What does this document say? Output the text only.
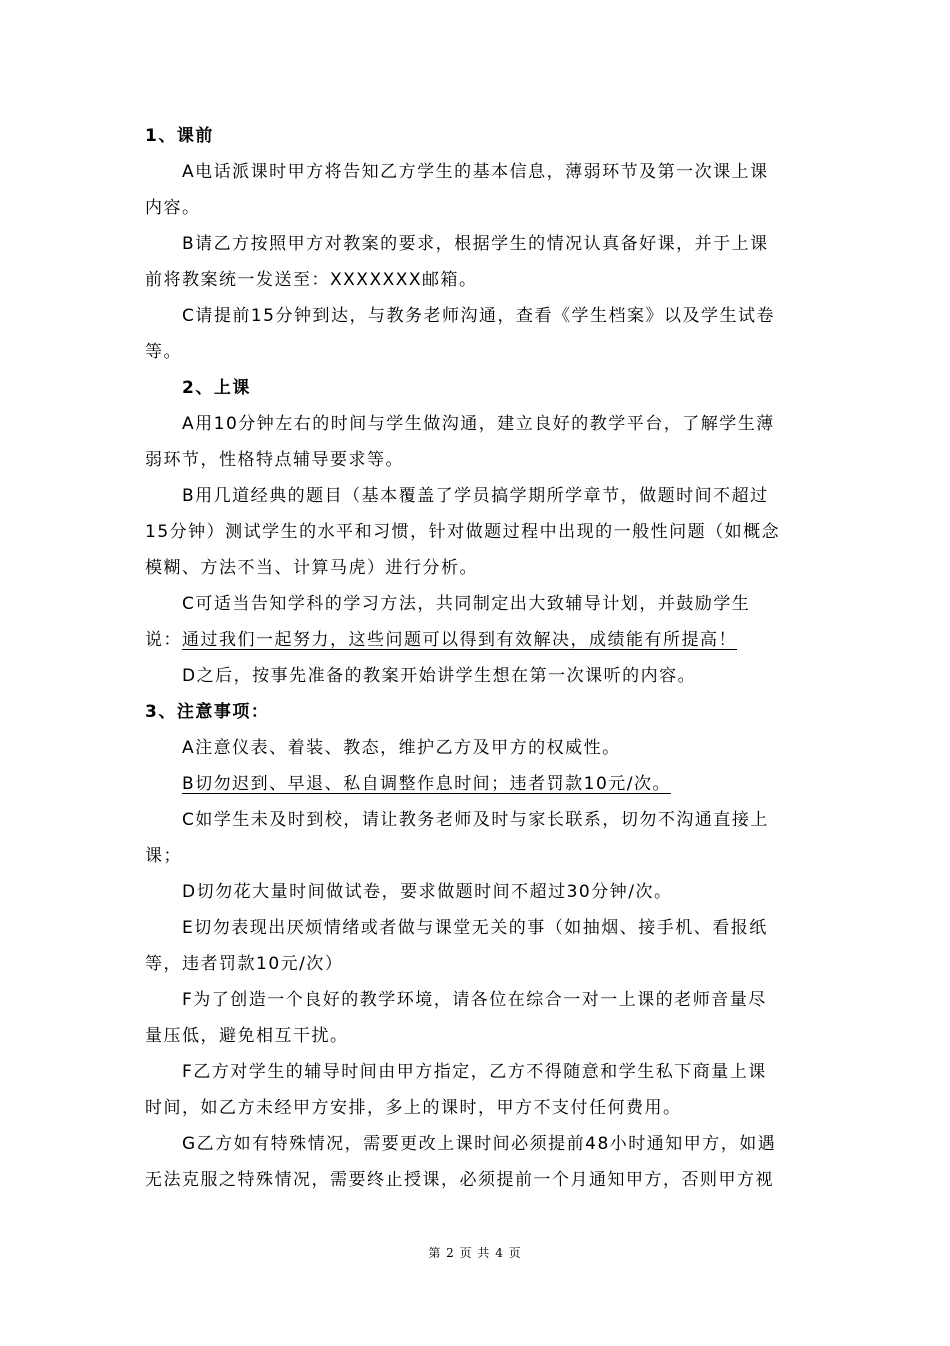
1、课前
A电话派课时甲方将告知乙方学生的基本信息，薄弱环节及第一次课上课
内容。
B请乙方按照甲方对教案的要求，根据学生的情况认真备好课，并于上课
前将教案统一发送至：XXXXXXX邮箱。
C请提前15分钟到达，与教务老师沟通，查看《学生档案》以及学生试卷
等。
2、上课
A用10分钟左右的时间与学生做沟通，建立良好的教学平台，了解学生薄
弱环节，性格特点辅导要求等。
B用几道经典的题目（基本覆盖了学员搞学期所学章节，做题时间不超过
15分钟）测试学生的水平和习惯，针对做题过程中出现的一般性问题（如概念
模糊、方法不当、计算马虎）进行分析。
C可适当告知学科的学习方法，共同制定出大致辅导计划，并鼓励学生
说：通过我们一起努力，这些问题可以得到有效解决，成绩能有所提高！
D之后，按事先准备的教案开始讲学生想在第一次课听的内容。
3、注意事项：
A注意仪表、着装、教态，维护乙方及甲方的权威性。
B切勿迟到、早退、私自调整作息时间；违者罚款10元/次。
C如学生未及时到校，请让教务老师及时与家长联系，切勿不沟通直接上
课；
D切勿花大量时间做试卷，要求做题时间不超过30分钟/次。
E切勿表现出厌烦情绪或者做与课堂无关的事（如抽烟、接手机、看报纸
等，违者罚款10元/次）
F为了创造一个良好的教学环境，请各位在综合一对一上课的老师音量尽
量压低，避免相互干扰。
F乙方对学生的辅导时间由甲方指定，乙方不得随意和学生私下商量上课
时间，如乙方未经甲方安排，多上的课时，甲方不支付任何费用。
G乙方如有特殊情况，需要更改上课时间必须提前48小时通知甲方，如遇
无法克服之特殊情况，需要终止授课，必须提前一个月通知甲方，否则甲方视
第 2 页 共 4 页
